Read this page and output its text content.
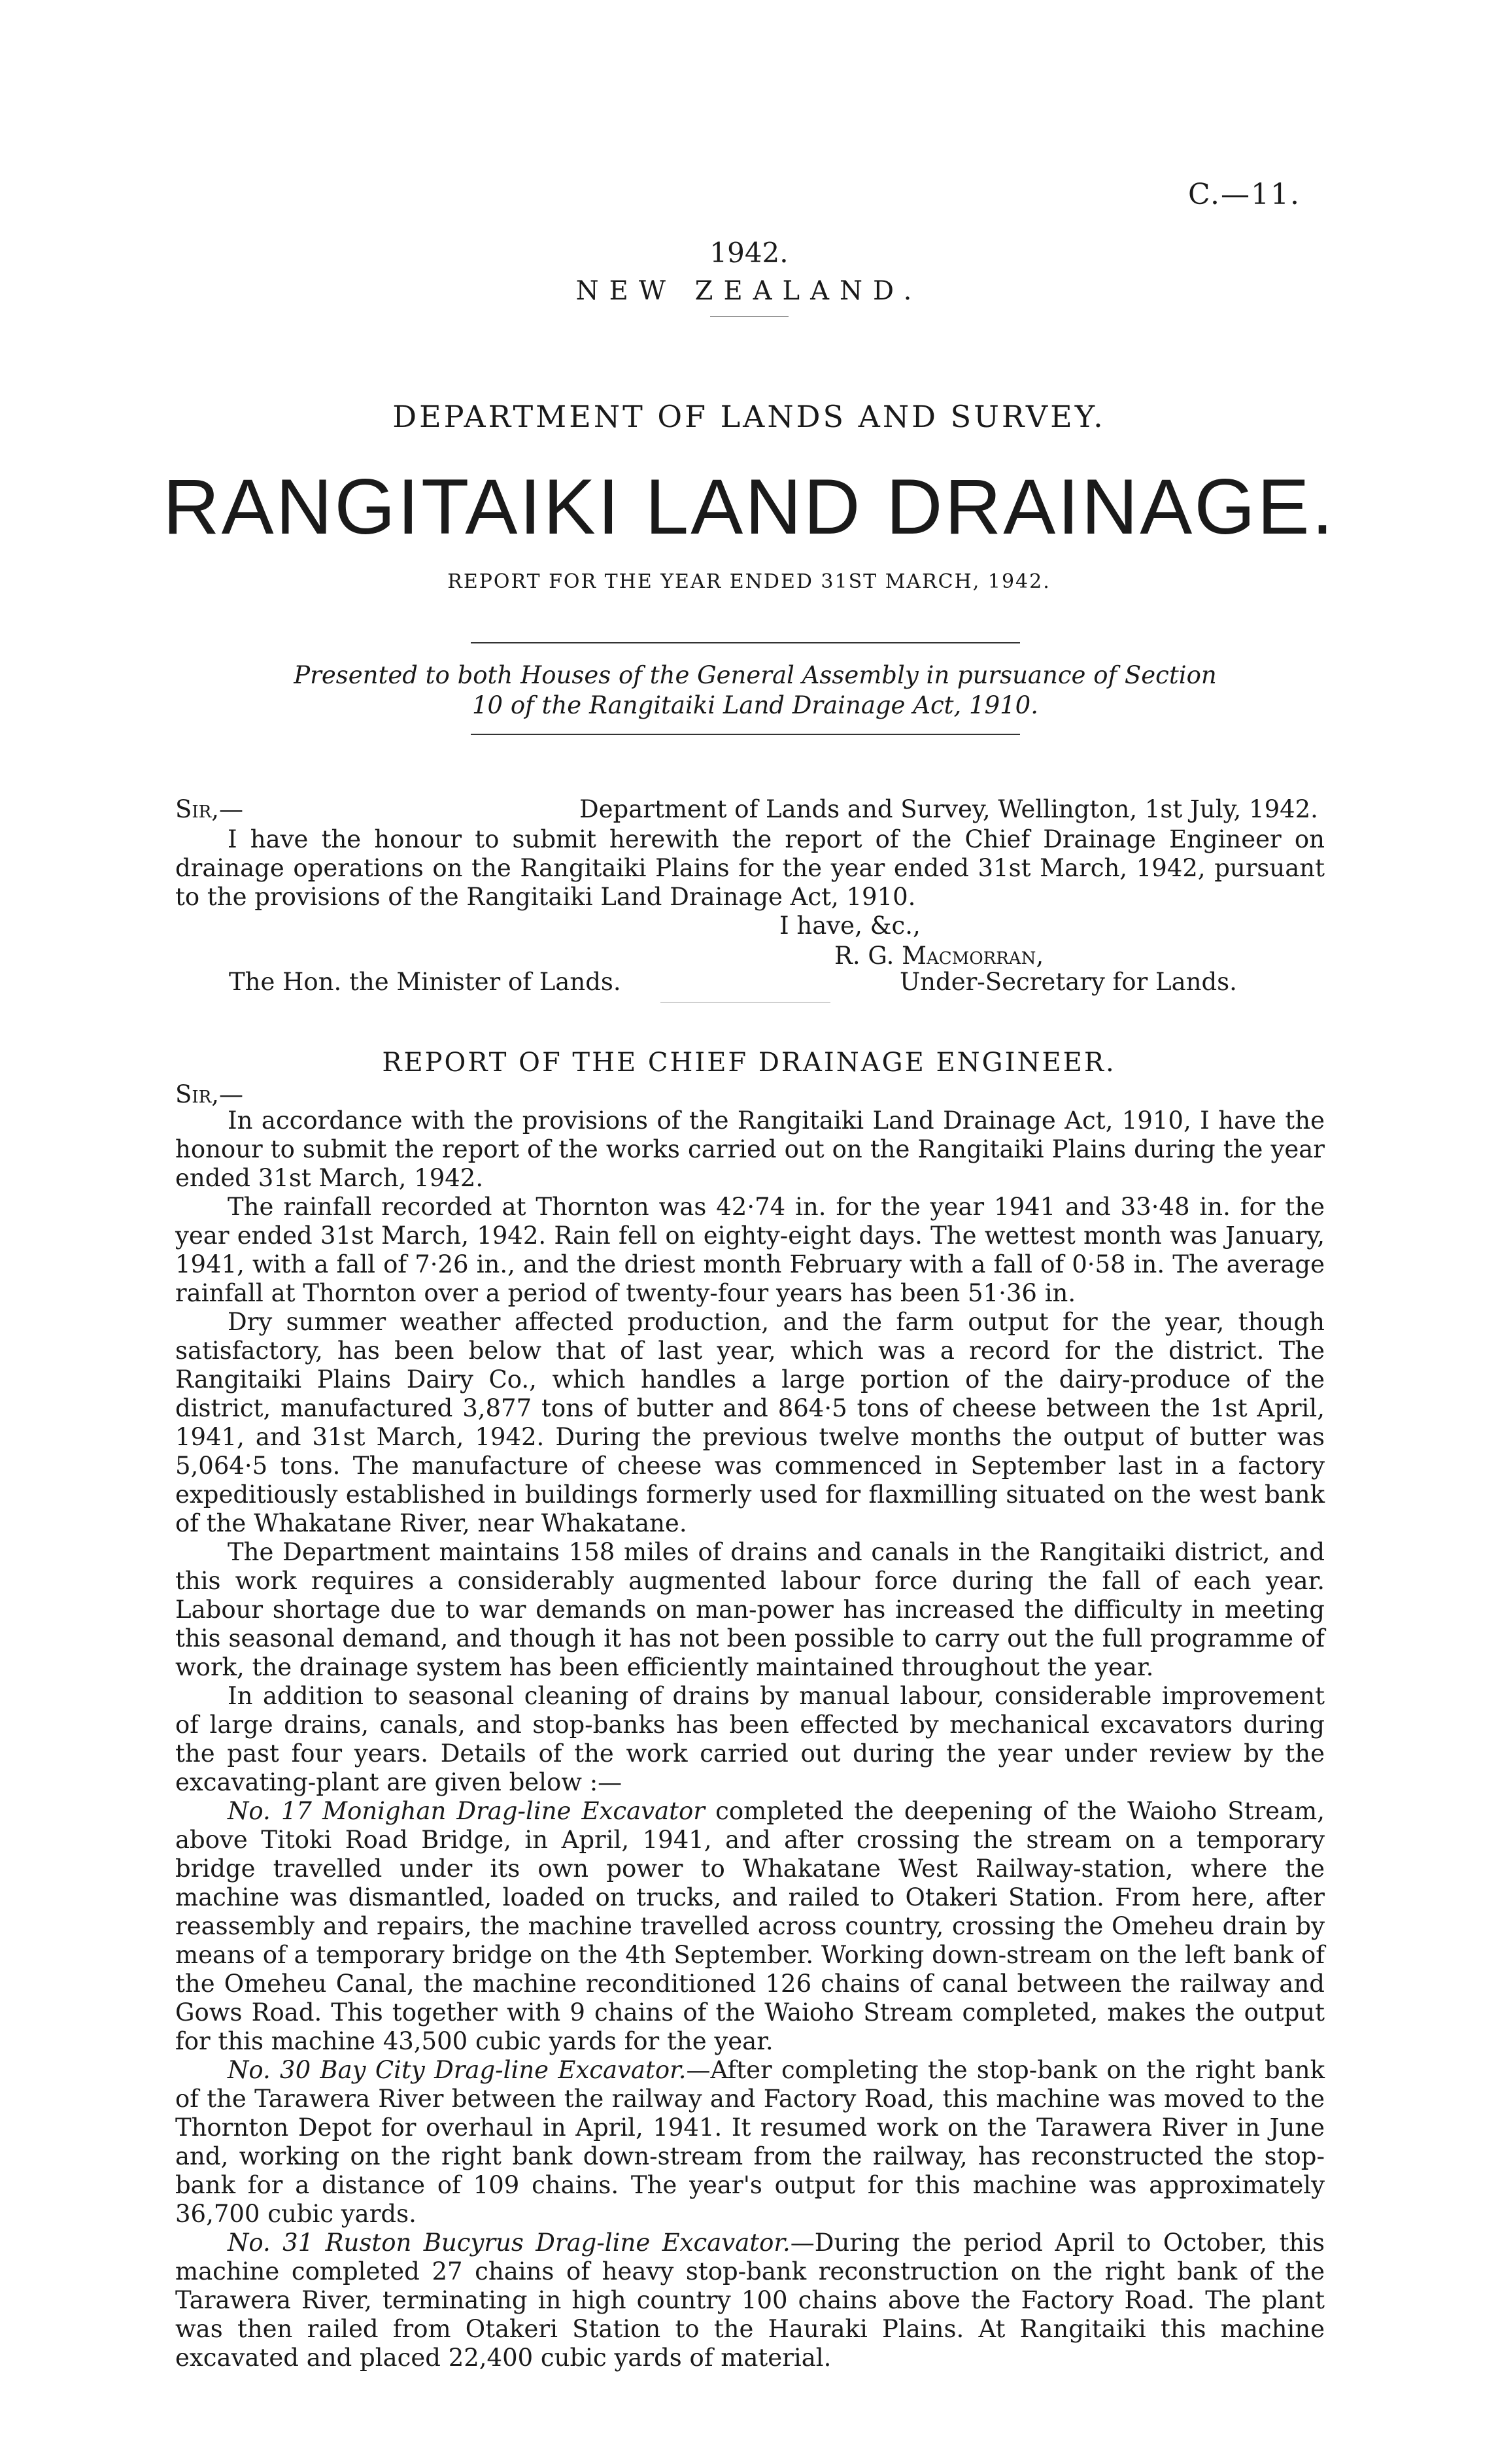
C.—11.
1942.
NEW ZEALAND.
DEPARTMENT OF LANDS AND SURVEY.
RANGITAIKI LAND DRAINAGE.
REPORT FOR THE YEAR ENDED 31ST MARCH, 1942.
Presented to both Houses of the General Assembly in pursuance of Section 10 of the Rangitaiki Land Drainage Act, 1910.
Sir,—	Department of Lands and Survey, Wellington, 1st July, 1942.

I have the honour to submit herewith the report of the Chief Drainage Engineer on drainage operations on the Rangitaiki Plains for the year ended 31st March, 1942, pursuant to the provisions of the Rangitaiki Land Drainage Act, 1910.

I have, &c.,
R. G. Macmorran,
The Hon. the Minister of Lands.	Under-Secretary for Lands.
REPORT OF THE CHIEF DRAINAGE ENGINEER.
Sir,—

In accordance with the provisions of the Rangitaiki Land Drainage Act, 1910, I have the honour to submit the report of the works carried out on the Rangitaiki Plains during the year ended 31st March, 1942.

The rainfall recorded at Thornton was 42·74 in. for the year 1941 and 33·48 in. for the year ended 31st March, 1942. Rain fell on eighty-eight days. The wettest month was January, 1941, with a fall of 7·26 in., and the driest month February with a fall of 0·58 in. The average rainfall at Thornton over a period of twenty-four years has been 51·36 in.

Dry summer weather affected production, and the farm output for the year, though satisfactory, has been below that of last year, which was a record for the district. The Rangitaiki Plains Dairy Co., which handles a large portion of the dairy-produce of the district, manufactured 3,877 tons of butter and 864·5 tons of cheese between the 1st April, 1941, and 31st March, 1942. During the previous twelve months the output of butter was 5,064·5 tons. The manufacture of cheese was commenced in September last in a factory expeditiously established in buildings formerly used for flaxmilling situated on the west bank of the Whakatane River, near Whakatane.

The Department maintains 158 miles of drains and canals in the Rangitaiki district, and this work requires a considerably augmented labour force during the fall of each year. Labour shortage due to war demands on man-power has increased the difficulty in meeting this seasonal demand, and though it has not been possible to carry out the full programme of work, the drainage system has been efficiently maintained throughout the year.

In addition to seasonal cleaning of drains by manual labour, considerable improvement of large drains, canals, and stop-banks has been effected by mechanical excavators during the past four years. Details of the work carried out during the year under review by the excavating-plant are given below :—

No. 17 Monighan Drag-line Excavator completed the deepening of the Waioho Stream, above Titoki Road Bridge, in April, 1941, and after crossing the stream on a temporary bridge travelled under its own power to Whakatane West Railway-station, where the machine was dismantled, loaded on trucks, and railed to Otakeri Station. From here, after reassembly and repairs, the machine travelled across country, crossing the Omeheu drain by means of a temporary bridge on the 4th September. Working down-stream on the left bank of the Omeheu Canal, the machine reconditioned 126 chains of canal between the railway and Gows Road. This together with 9 chains of the Waioho Stream completed, makes the output for this machine 43,500 cubic yards for the year.

No. 30 Bay City Drag-line Excavator.—After completing the stop-bank on the right bank of the Tarawera River between the railway and Factory Road, this machine was moved to the Thornton Depot for overhaul in April, 1941. It resumed work on the Tarawera River in June and, working on the right bank down-stream from the railway, has reconstructed the stop-bank for a distance of 109 chains. The year's output for this machine was approximately 36,700 cubic yards.

No. 31 Ruston Bucyrus Drag-line Excavator.—During the period April to October, this machine completed 27 chains of heavy stop-bank reconstruction on the right bank of the Tarawera River, terminating in high country 100 chains above the Factory Road. The plant was then railed from Otakeri Station to the Hauraki Plains. At Rangitaiki this machine excavated and placed 22,400 cubic yards of material.
